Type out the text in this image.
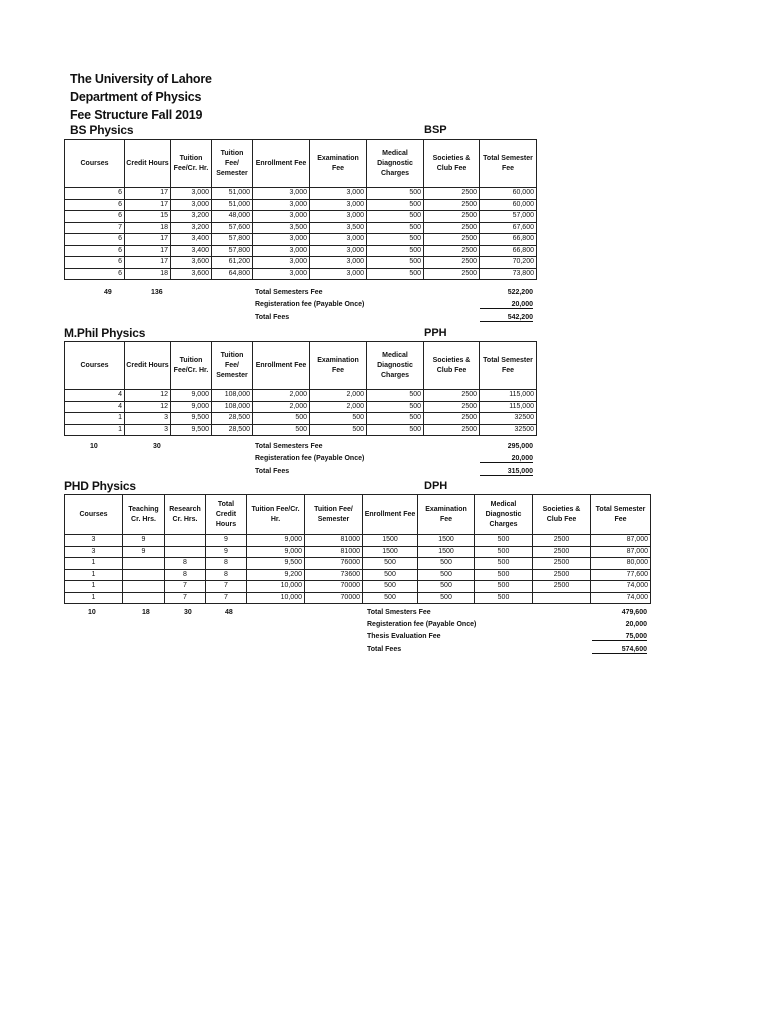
The University of Lahore
Department of Physics
Fee Structure Fall 2019
BS Physics	BSP
Courses	Credit Hours	Tuition Fee/Cr. Hr.	Tuition Fee/ Semester	Enrollment Fee	Examination Fee	Medical Diagnostic Charges	Societies & Club Fee	Total Semester Fee
6	17	3,000	51,000	3,000	3,000	500	2500	60,000
6	17	3,000	51,000	3,000	3,000	500	2500	60,000
6	15	3,200	48,000	3,000	3,000	500	2500	57,000
7	18	3,200	57,600	3,500	3,500	500	2500	67,600
6	17	3,400	57,800	3,000	3,000	500	2500	66,800
6	17	3,400	57,800	3,000	3,000	500	2500	66,800
6	17	3,600	61,200	3,000	3,000	500	2500	70,200
6	18	3,600	64,800	3,000	3,000	500	2500	73,800
49	136	Total Semesters Fee	522,200
Registeration fee (Payable Once)	20,000
Total Fees	542,200
M.Phil Physics	PPH
Courses	Credit Hours	Tuition Fee/Cr. Hr.	Tuition Fee/ Semester	Enrollment Fee	Examination Fee	Medical Diagnostic Charges	Societies & Club Fee	Total Semester Fee
4	12	9,000	108,000	2,000	2,000	500	2500	115,000
4	12	9,000	108,000	2,000	2,000	500	2500	115,000
1	3	9,500	28,500	500	500	500	2500	32500
1	3	9,500	28,500	500	500	500	2500	32500
10	30	Total Semesters Fee	295,000
Registeration fee (Payable Once)	20,000
Total Fees	315,000
PHD Physics	DPH
Courses	Teaching Cr. Hrs.	Research Cr. Hrs.	Total Credit Hours	Tuition Fee/Cr. Hr.	Tuition Fee/ Semester	Enrollment Fee	Examination Fee	Medical Diagnostic Charges	Societies & Club Fee	Total Semester Fee
3	9		9	9,000	81000	1500	1500	500	2500	87,000
3	9		9	9,000	81000	1500	1500	500	2500	87,000
1		8	8	9,500	76000	500	500	500	2500	80,000
1		8	8	9,200	73600	500	500	500	2500	77,600
1		7	7	10,000	70000	500	500	500	2500	74,000
1		7	7	10,000	70000	500	500	500		74,000
10	18	30	48	Total Smesters Fee	479,600
Registeration fee (Payable Once)	20,000
Thesis Evaluation Fee	75,000
Total Fees	574,600
